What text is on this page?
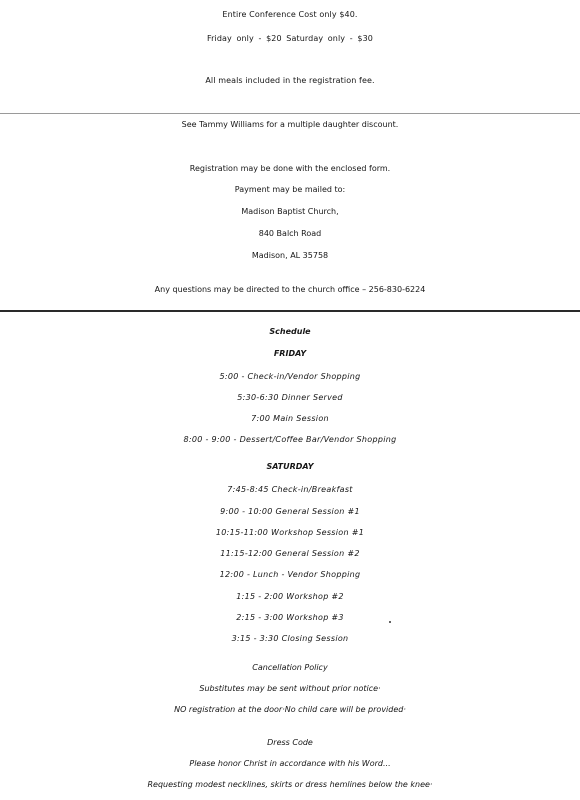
Entire Conference Cost only $40.
Friday only - $20 Saturday only - $30
All meals included in the registration fee.
See Tammy Williams for a multiple daughter discount.
Registration may be done with the enclosed form.
Payment may be mailed to:
Madison Baptist Church,
840 Balch Road
Madison, AL 35758
Any questions may be directed to the church office – 256-830-6224
Schedule
FRIDAY
5:00 - Check-in/Vendor Shopping
5:30-6:30 Dinner Served
7:00 Main Session
8:00 - 9:00 - Dessert/Coffee Bar/Vendor Shopping
SATURDAY
7:45-8:45 Check-in/Breakfast
9:00 - 10:00 General Session #1
10:15-11:00 Workshop Session #1
11:15-12:00 General Session #2
12:00 - Lunch - Vendor Shopping
1:15 - 2:00 Workshop #2
2:15 - 3:00 Workshop #3
3:15 - 3:30 Closing Session
Cancellation Policy
Substitutes may be sent without prior notice·
NO registration at the door·No child care will be provided·
Dress Code
Please honor Christ in accordance with his Word...
Requesting modest necklines, skirts or dress hemlines below the knee·
